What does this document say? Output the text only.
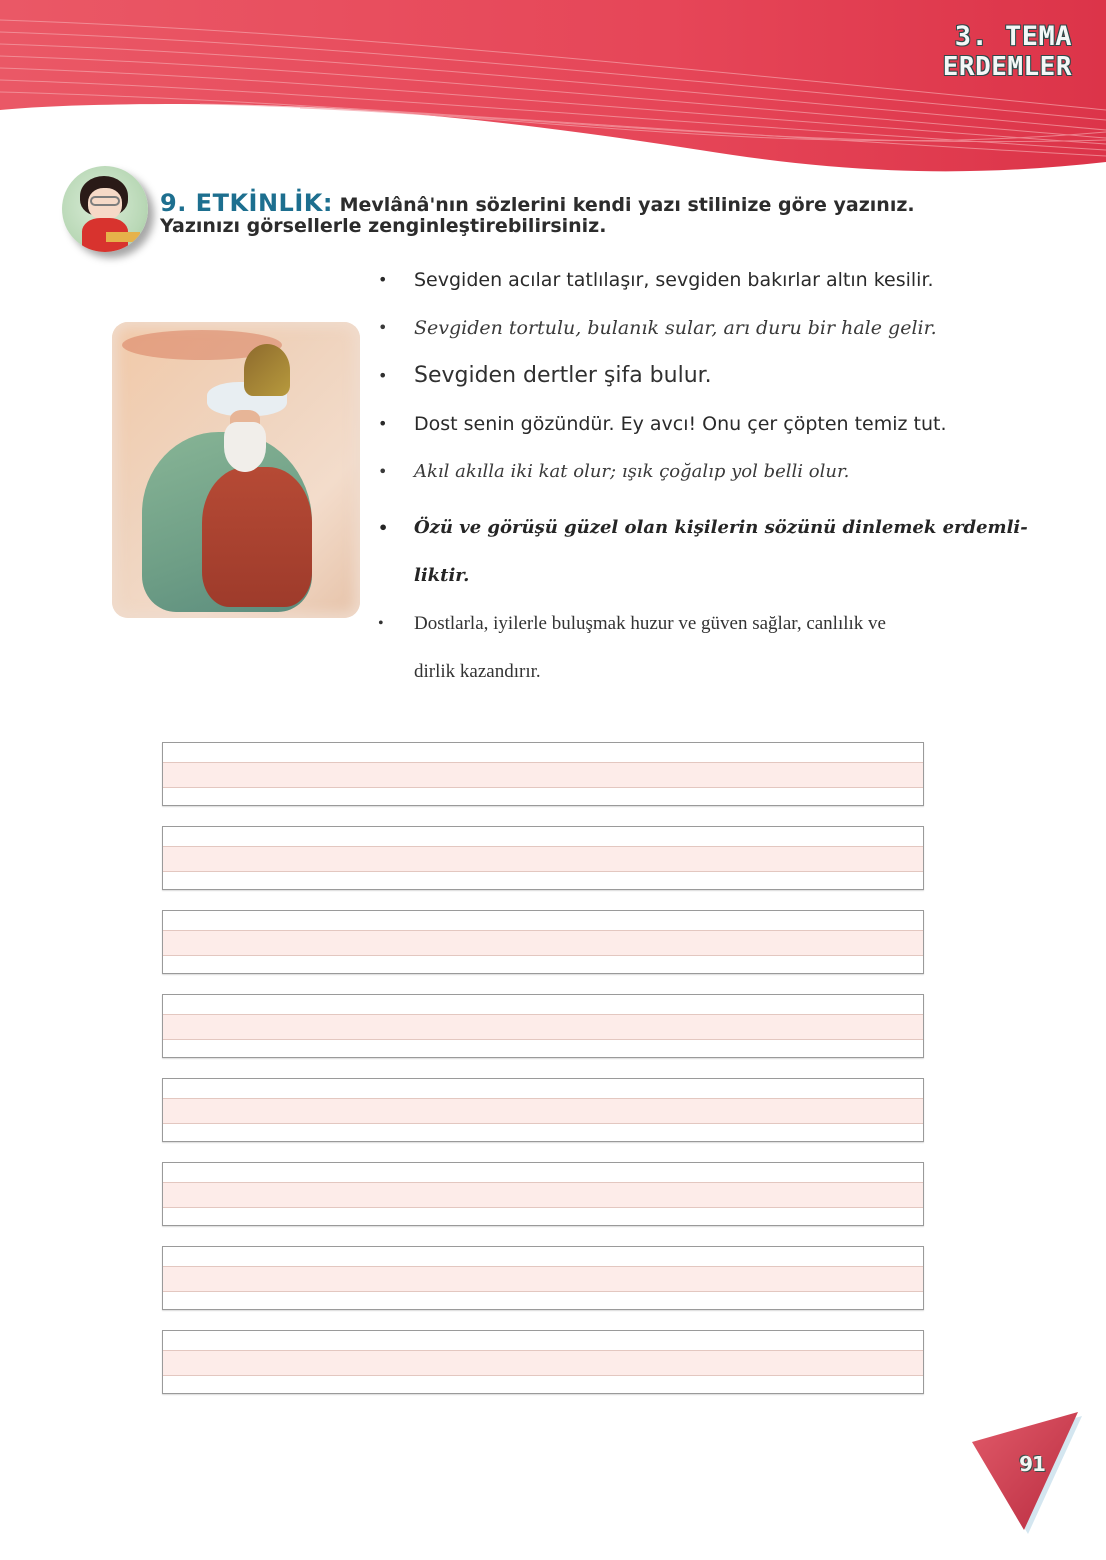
3. TEMA
ERDEMLER
9. ETKİNLİK: Mevlânâ'nın sözlerini kendi yazı stilinize göre yazınız.
Yazınızı görsellerle zenginleştirebilirsiniz.
• Sevgiden acılar tatlılaşır, sevgiden bakırlar altın kesilir.
• Sevgiden tortulu, bulanık sular, arı duru bir hale gelir.
• Sevgiden dertler şifa bulur.
• Dost senin gözündür. Ey avcı! Onu çer çöpten temiz tut.
• Akıl akılla iki kat olur; ışık çoğalıp yol belli olur.
• Özü ve görüşü güzel olan kişilerin sözünü dinlemek erdemli-
liktir.
• Dostlarla, iyilerle buluşmak huzur ve güven sağlar, canlılık ve
dirlik kazandırır.
91
